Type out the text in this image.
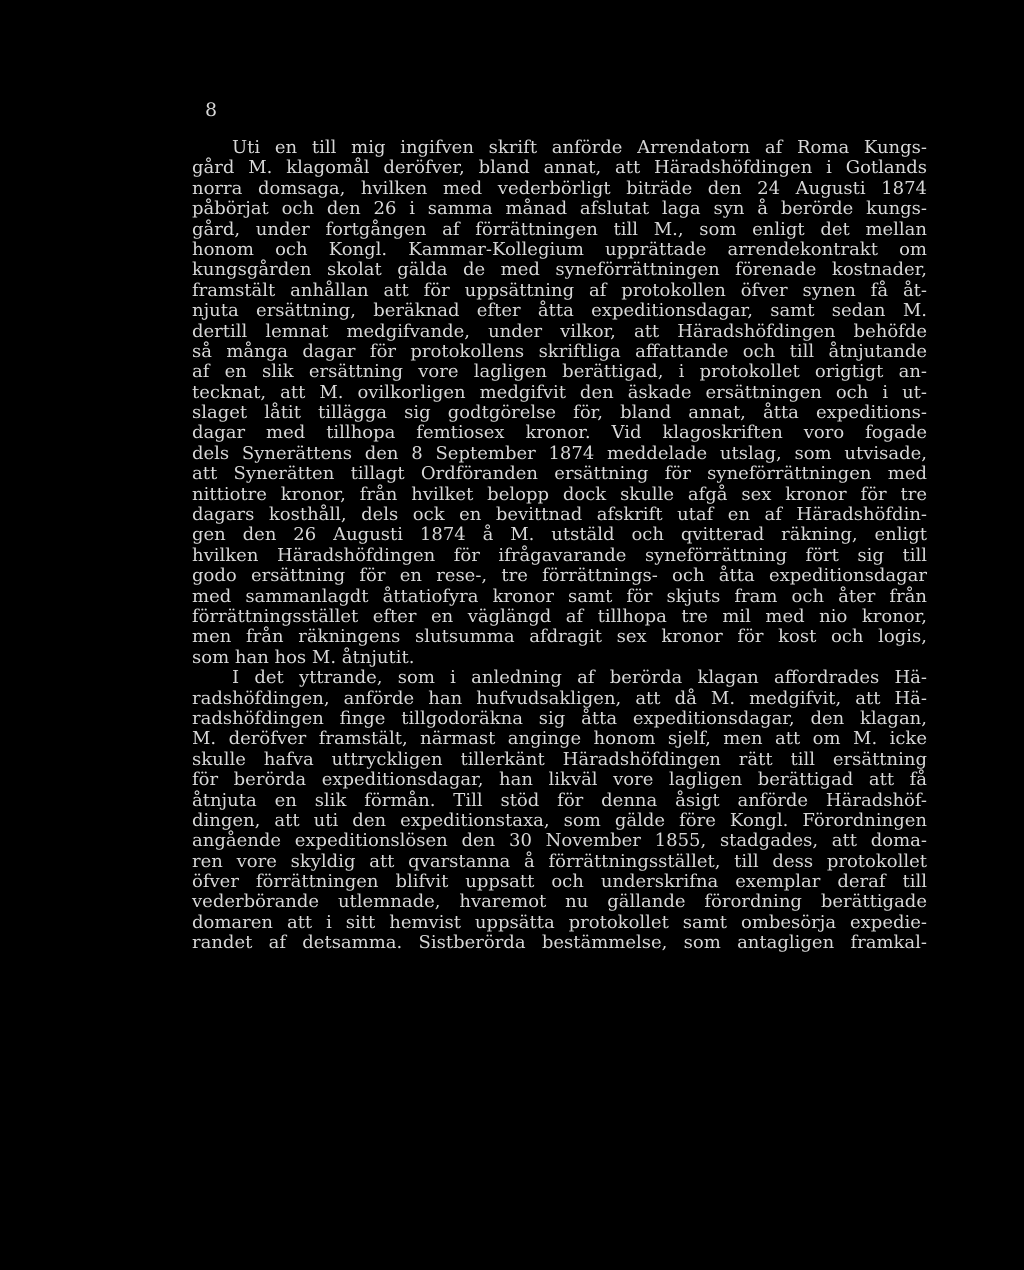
8
Uti en till mig ingifven skrift anförde Arrendatorn af Roma Kungs-
gård M. klagomål deröfver, bland annat, att Häradshöfdingen i Gotlands
norra domsaga, hvilken med vederbörligt biträde den 24 Augusti 1874
påbörjat och den 26 i samma månad afslutat laga syn å berörde kungs-
gård, under fortgången af förrättningen till M., som enligt det mellan
honom och Kongl. Kammar-Kollegium upprättade arrendekontrakt om
kungsgården skolat gälda de med syneförrättningen förenade kostnader,
framstält anhållan att för uppsättning af protokollen öfver synen få åt-
njuta ersättning, beräknad efter åtta expeditionsdagar, samt sedan M.
dertill lemnat medgifvande, under vilkor, att Häradshöfdingen behöfde
så många dagar för protokollens skriftliga affattande och till åtnjutande
af en slik ersättning vore lagligen berättigad, i protokollet origtigt an-
tecknat, att M. ovilkorligen medgifvit den äskade ersättningen och i ut-
slaget låtit tillägga sig godtgörelse för, bland annat, åtta expeditions-
dagar med tillhopa femtiosex kronor. Vid klagoskriften voro fogade
dels Synerättens den 8 September 1874 meddelade utslag, som utvisade,
att Synerätten tillagt Ordföranden ersättning för syneförrättningen med
nittiotre kronor, från hvilket belopp dock skulle afgå sex kronor för tre
dagars kosthåll, dels ock en bevittnad afskrift utaf en af Häradshöfdin-
gen den 26 Augusti 1874 å M. utstäld och qvitterad räkning, enligt
hvilken Häradshöfdingen för ifrågavarande syneförrättning fört sig till
godo ersättning för en rese-, tre förrättnings- och åtta expeditionsdagar
med sammanlagdt åttatiofyra kronor samt för skjuts fram och åter från
förrättningsstället efter en väglängd af tillhopa tre mil med nio kronor,
men från räkningens slutsumma afdragit sex kronor för kost och logis,
som han hos M. åtnjutit.
I det yttrande, som i anledning af berörda klagan affordrades Hä-
radshöfdingen, anförde han hufvudsakligen, att då M. medgifvit, att Hä-
radshöfdingen finge tillgodoräkna sig åtta expeditionsdagar, den klagan,
M. deröfver framstält, närmast anginge honom sjelf, men att om M. icke
skulle hafva uttryckligen tillerkänt Häradshöfdingen rätt till ersättning
för berörda expeditionsdagar, han likväl vore lagligen berättigad att få
åtnjuta en slik förmån. Till stöd för denna åsigt anförde Häradshöf-
dingen, att uti den expeditionstaxa, som gälde före Kongl. Förordningen
angående expeditionslösen den 30 November 1855, stadgades, att doma-
ren vore skyldig att qvarstanna å förrättningsstället, till dess protokollet
öfver förrättningen blifvit uppsatt och underskrifna exemplar deraf till
vederbörande utlemnade, hvaremot nu gällande förordning berättigade
domaren att i sitt hemvist uppsätta protokollet samt ombesörja expedie-
randet af detsamma. Sistberörda bestämmelse, som antagligen framkal-
